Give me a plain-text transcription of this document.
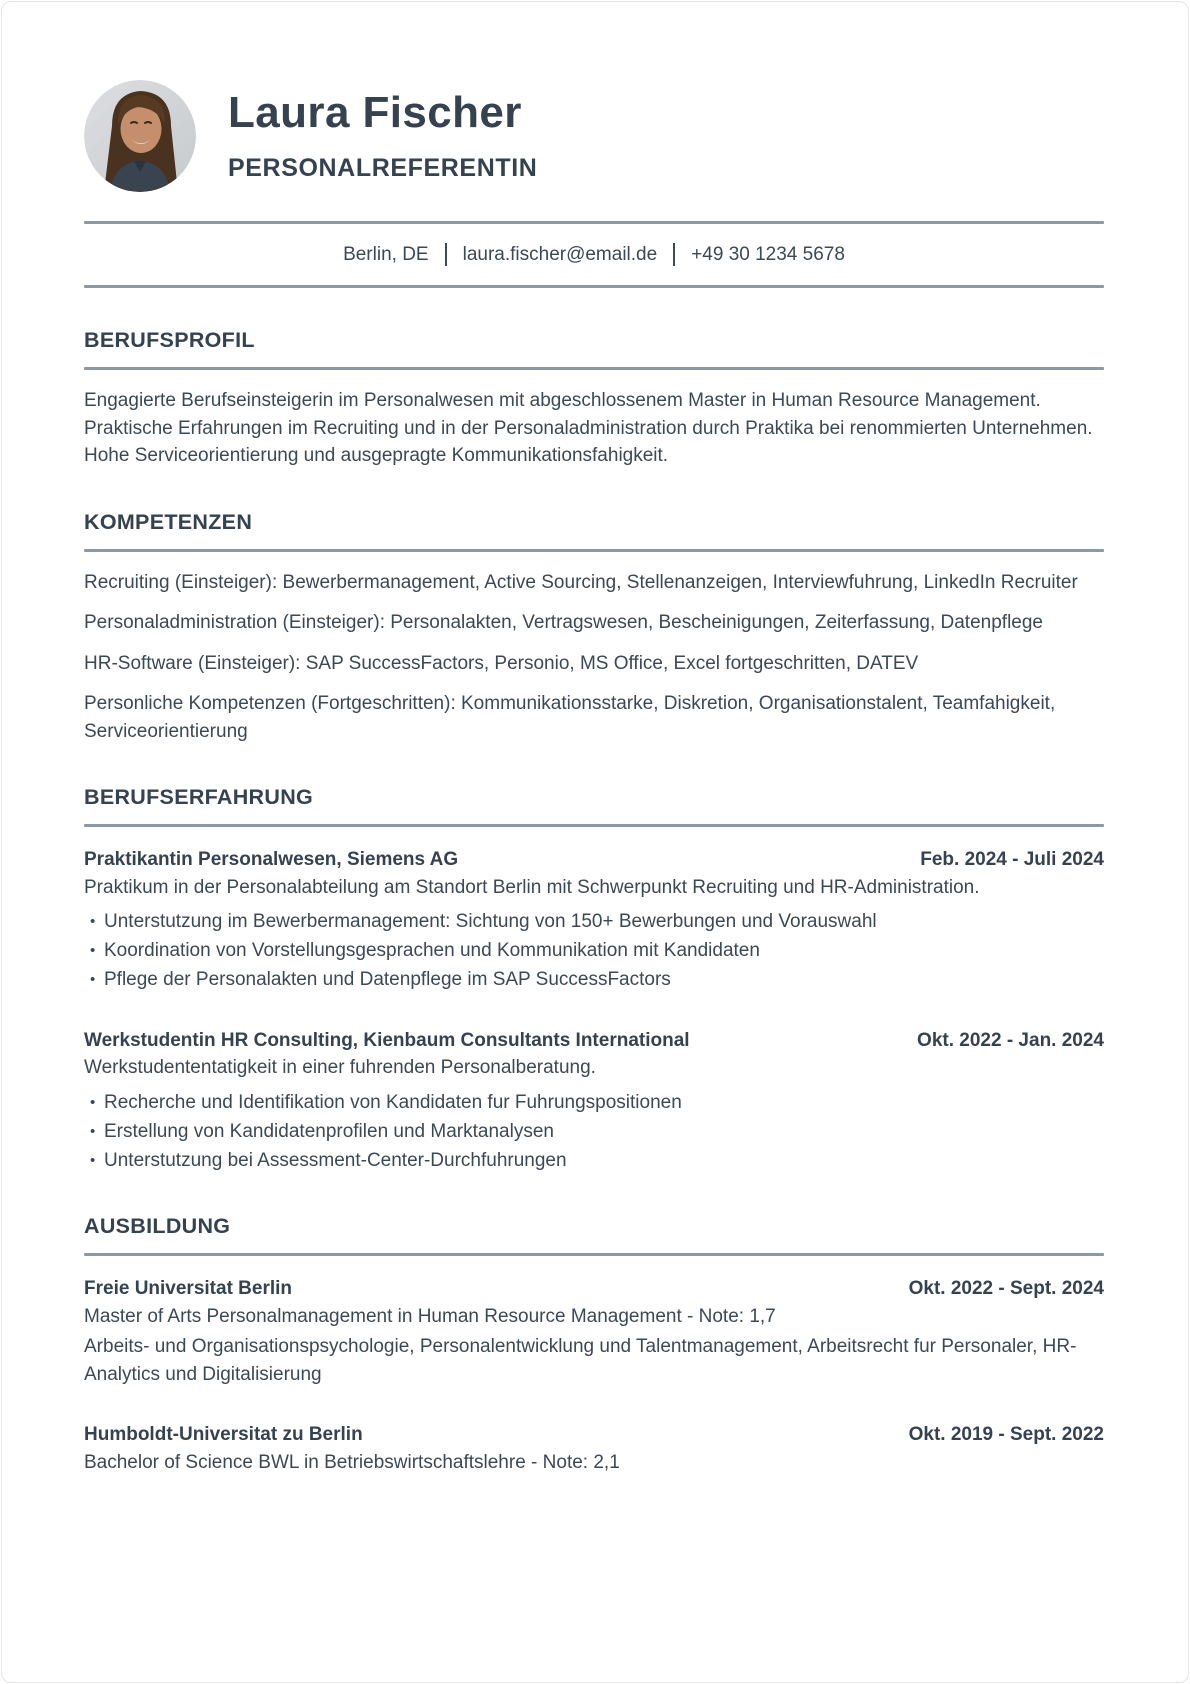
Laura Fischer
PERSONALREFERENTIN
Berlin, DE laura.fischer@email.de +49 30 1234 5678
BERUFSPROFIL

Engagierte Berufseinsteigerin im Personalwesen mit abgeschlossenem Master in Human Resource Management. Praktische Erfahrungen im Recruiting und in der Personaladministration durch Praktika bei renommierten Unternehmen. Hohe Serviceorientierung und ausgepragte Kommunikationsfahigkeit.

KOMPETENZEN

Recruiting (Einsteiger): Bewerbermanagement, Active Sourcing, Stellenanzeigen, Interviewfuhrung, LinkedIn Recruiter

Personaladministration (Einsteiger): Personalakten, Vertragswesen, Bescheinigungen, Zeiterfassung, Datenpflege

HR-Software (Einsteiger): SAP SuccessFactors, Personio, MS Office, Excel fortgeschritten, DATEV

Personliche Kompetenzen (Fortgeschritten): Kommunikationsstarke, Diskretion, Organisationstalent, Teamfahigkeit, Serviceorientierung

BERUFSERFAHRUNG
Praktikantin Personalwesen, Siemens AG	Feb. 2024 - Juli 2024

Praktikum in der Personalabteilung am Standort Berlin mit Schwerpunkt Recruiting und HR-Administration.

• Unterstutzung im Bewerbermanagement: Sichtung von 150+ Bewerbungen und Vorauswahl
• Koordination von Vorstellungsgesprachen und Kommunikation mit Kandidaten
• Pflege der Personalakten und Datenpflege im SAP SuccessFactors
Werkstudentin HR Consulting, Kienbaum Consultants International	Okt. 2022 - Jan. 2024

Werkstudententatigkeit in einer fuhrenden Personalberatung.

• Recherche und Identifikation von Kandidaten fur Fuhrungspositionen
• Erstellung von Kandidatenprofilen und Marktanalysen
• Unterstutzung bei Assessment-Center-Durchfuhrungen
AUSBILDUNG
Freie Universitat Berlin	Okt. 2022 - Sept. 2024

Master of Arts Personalmanagement in Human Resource Management - Note: 1,7

Arbeits- und Organisationspsychologie, Personalentwicklung und Talentmanagement, Arbeitsrecht fur Personaler, HR-Analytics und Digitalisierung

Humboldt-Universitat zu Berlin	Okt. 2019 - Sept. 2022

Bachelor of Science BWL in Betriebswirtschaftslehre - Note: 2,1
